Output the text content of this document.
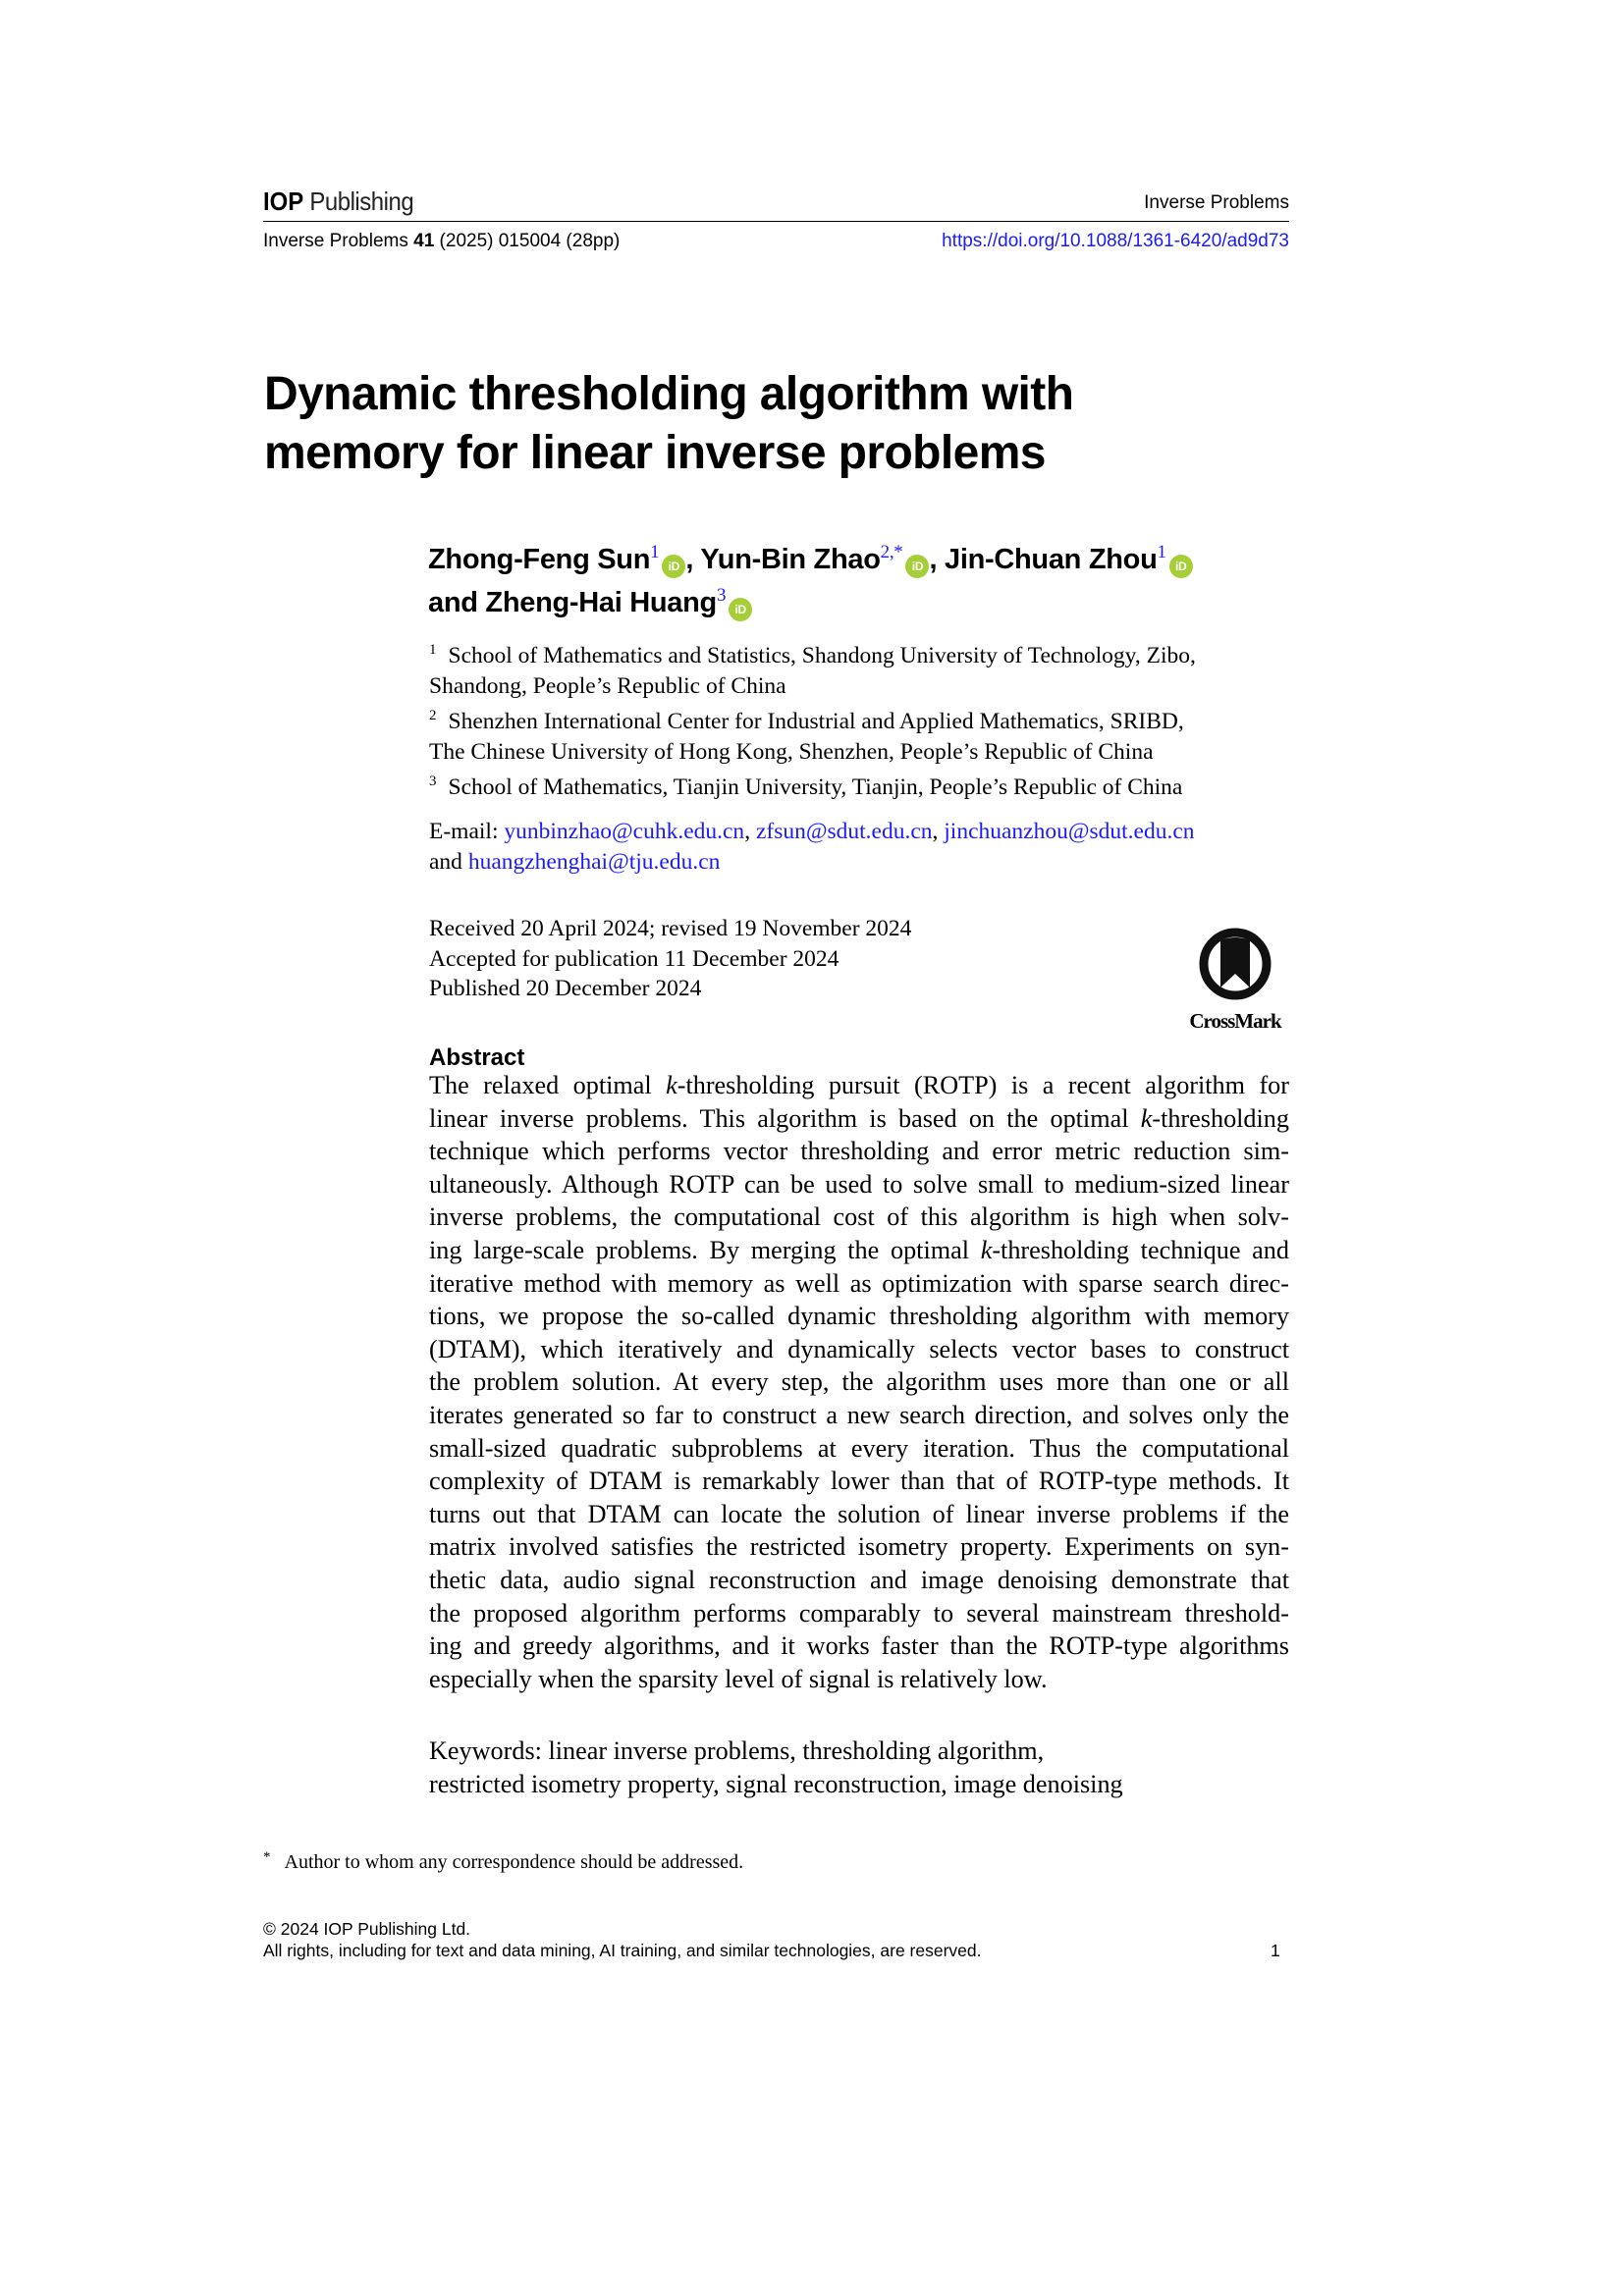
IOP Publishing	Inverse Problems
Inverse Problems 41 (2025) 015004 (28pp)	https://doi.org/10.1088/1361-6420/ad9d73
Dynamic thresholding algorithm with
memory for linear inverse problems
Zhong-Feng Sun$^1$iD , Yun-Bin Zhao$^{2,*}$iD , Jin-Chuan Zhou$^1$iD
and Zheng-Hai Huang$^3$iD
$^1$ School of Mathematics and Statistics, Shandong University of Technology, Zibo,
Shandong, People’s Republic of China
$^2$ Shenzhen International Center for Industrial and Applied Mathematics, SRIBD,
The Chinese University of Hong Kong, Shenzhen, People’s Republic of China
$^3$ School of Mathematics, Tianjin University, Tianjin, People’s Republic of China
E-mail: yunbinzhao@cuhk.edu.cn, zfsun@sdut.edu.cn, jinchuanzhou@sdut.edu.cn
and huangzhenghai@tju.edu.cn
Received 20 April 2024; revised 19 November 2024
Accepted for publication 11 December 2024
Published 20 December 2024
CrossMark
Abstract
The relaxed optimal k-thresholding pursuit (ROTP) is a recent algorithm for
linear inverse problems. This algorithm is based on the optimal k-thresholding
technique which performs vector thresholding and error metric reduction sim-
ultaneously. Although ROTP can be used to solve small to medium-sized linear
inverse problems, the computational cost of this algorithm is high when solv-
ing large-scale problems. By merging the optimal k-thresholding technique and
iterative method with memory as well as optimization with sparse search direc-
tions, we propose the so-called dynamic thresholding algorithm with memory
(DTAM), which iteratively and dynamically selects vector bases to construct
the problem solution. At every step, the algorithm uses more than one or all
iterates generated so far to construct a new search direction, and solves only the
small-sized quadratic subproblems at every iteration. Thus the computational
complexity of DTAM is remarkably lower than that of ROTP-type methods. It
turns out that DTAM can locate the solution of linear inverse problems if the
matrix involved satisfies the restricted isometry property. Experiments on syn-
thetic data, audio signal reconstruction and image denoising demonstrate that
the proposed algorithm performs comparably to several mainstream threshold-
ing and greedy algorithms, and it works faster than the ROTP-type algorithms
especially when the sparsity level of signal is relatively low.
Keywords: linear inverse problems, thresholding algorithm,
restricted isometry property, signal reconstruction, image denoising
* Author to whom any correspondence should be addressed.
© 2024 IOP Publishing Ltd.
All rights, including for text and data mining, AI training, and similar technologies, are reserved.	1
